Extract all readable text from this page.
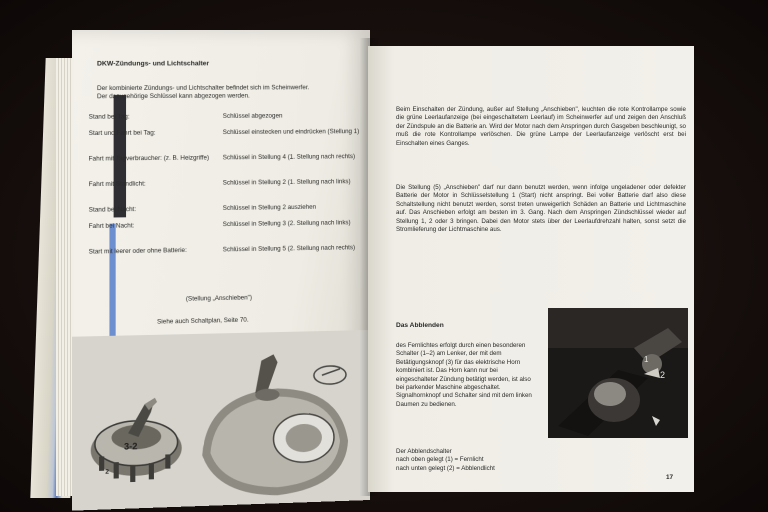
DKW-Zündungs- und Lichtschalter
Der kombinierte Zündungs- und Lichtschalter befindet sich im Scheinwerfer.
Der dazugehörige Schlüssel kann abgezogen werden.
Stand bei Tag:	Schlüssel abgezogen
Start und Fahrt bei Tag:	Schlüssel einstecken und eindrücken (Stellung 1)
Fahrt mit Tagverbraucher: (z. B. Heizgriffe)	Schlüssel in Stellung 4 (1. Stellung nach rechts)
Fahrt mit Standlicht:	Schlüssel in Stellung 2 (1. Stellung nach links)
Stand bei Nacht:	Schlüssel in Stellung 2 ausziehen
Fahrt bei Nacht:	Schlüssel in Stellung 3 (2. Stellung nach links)
Start mit leerer oder ohne Batterie:	Schlüssel in Stellung 5 (2. Stellung nach rechts)
(Stellung „Anschieben")
Siehe auch Schaltplan, Seite 70.
3-2
2
Beim Einschalten der Zündung, außer auf Stellung „Anschieben", leuchten die rote Kontrollampe sowie die grüne Leerlaufanzeige (bei eingeschaltetem Leerlauf) im Scheinwerfer auf und zeigen den Anschluß der Zündspule an die Batterie an. Wird der Motor nach dem Anspringen durch Gasgeben beschleunigt, so muß die rote Kontrollampe verlöschen. Die grüne Lampe der Leerlaufanzeige verlöscht erst bei Einschalten eines Ganges.
Die Stellung (5) „Anschieben" darf nur dann benutzt werden, wenn infolge ungeladener oder defekter Batterie der Motor in Schlüsselstellung 1 (Start) nicht anspringt. Bei voller Batterie darf also diese Schaltstellung nicht benutzt werden, sonst treten unweigerlich Schäden an Batterie und Lichtmaschine auf. Das Anschieben erfolgt am besten im 3. Gang. Nach dem Anspringen Zündschlüssel wieder auf Stellung 1, 2 oder 3 bringen. Dabei den Motor stets über der Leerlaufdrehzahl halten, sonst setzt die Stromlieferung der Lichtmaschine aus.
Das Abblenden
des Fernlichtes erfolgt durch einen besonderen Schalter (1–2) am Lenker, der mit dem Betätigungsknopf (3) für das elektrische Horn kombiniert ist. Das Horn kann nur bei eingeschalteter Zündung betätigt werden, ist also bei parkender Maschine abgeschaltet. Signalhornknopf und Schalter sind mit dem linken Daumen zu bedienen.
Der Abblendschalter
nach oben gelegt (1) = Fernlicht
nach unten gelegt (2) = Abblendlicht
2
1
17
